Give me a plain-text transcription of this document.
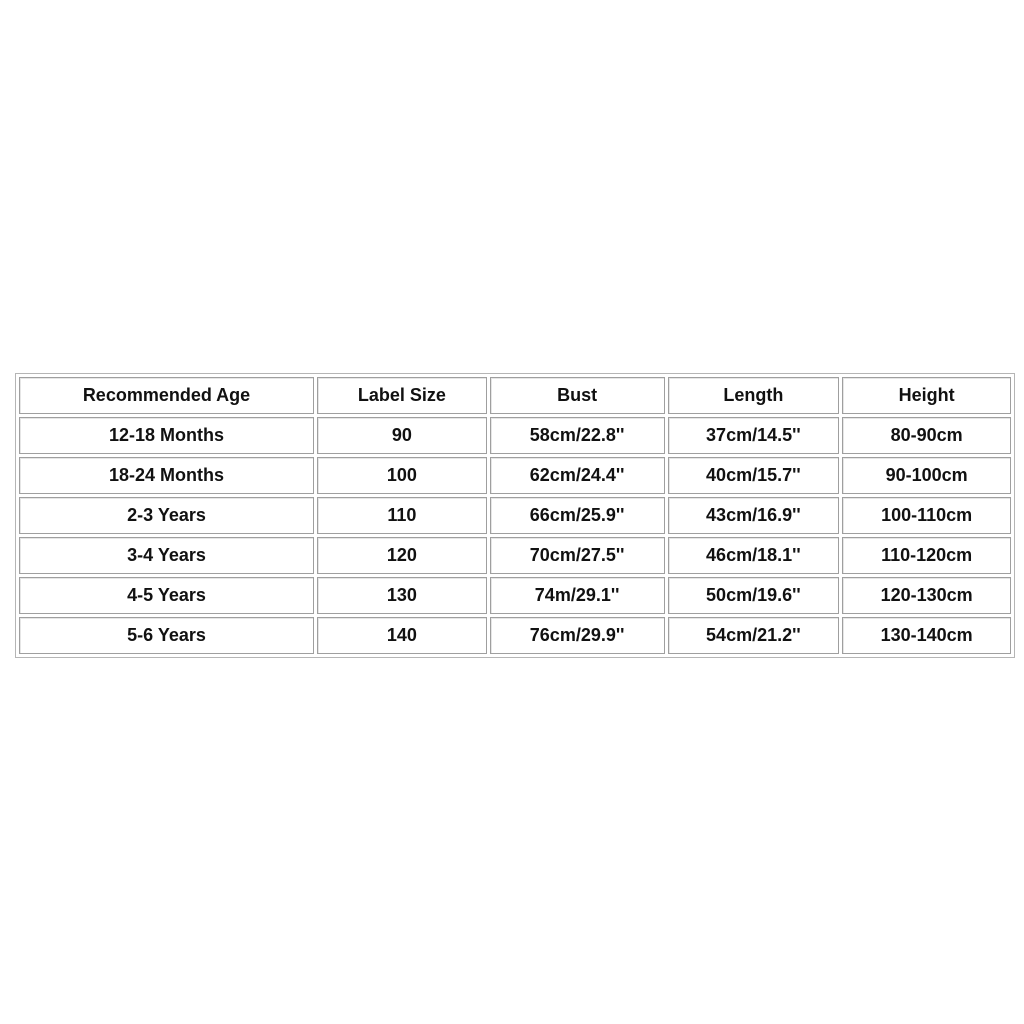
Recommended Age	Label Size	Bust	Length	Height
12-18 Months	90	58cm/22.8''	37cm/14.5''	80-90cm
18-24 Months	100	62cm/24.4''	40cm/15.7''	90-100cm
2-3 Years	110	66cm/25.9''	43cm/16.9''	100-110cm
3-4 Years	120	70cm/27.5''	46cm/18.1''	110-120cm
4-5 Years	130	74m/29.1''	50cm/19.6''	120-130cm
5-6 Years	140	76cm/29.9''	54cm/21.2''	130-140cm
